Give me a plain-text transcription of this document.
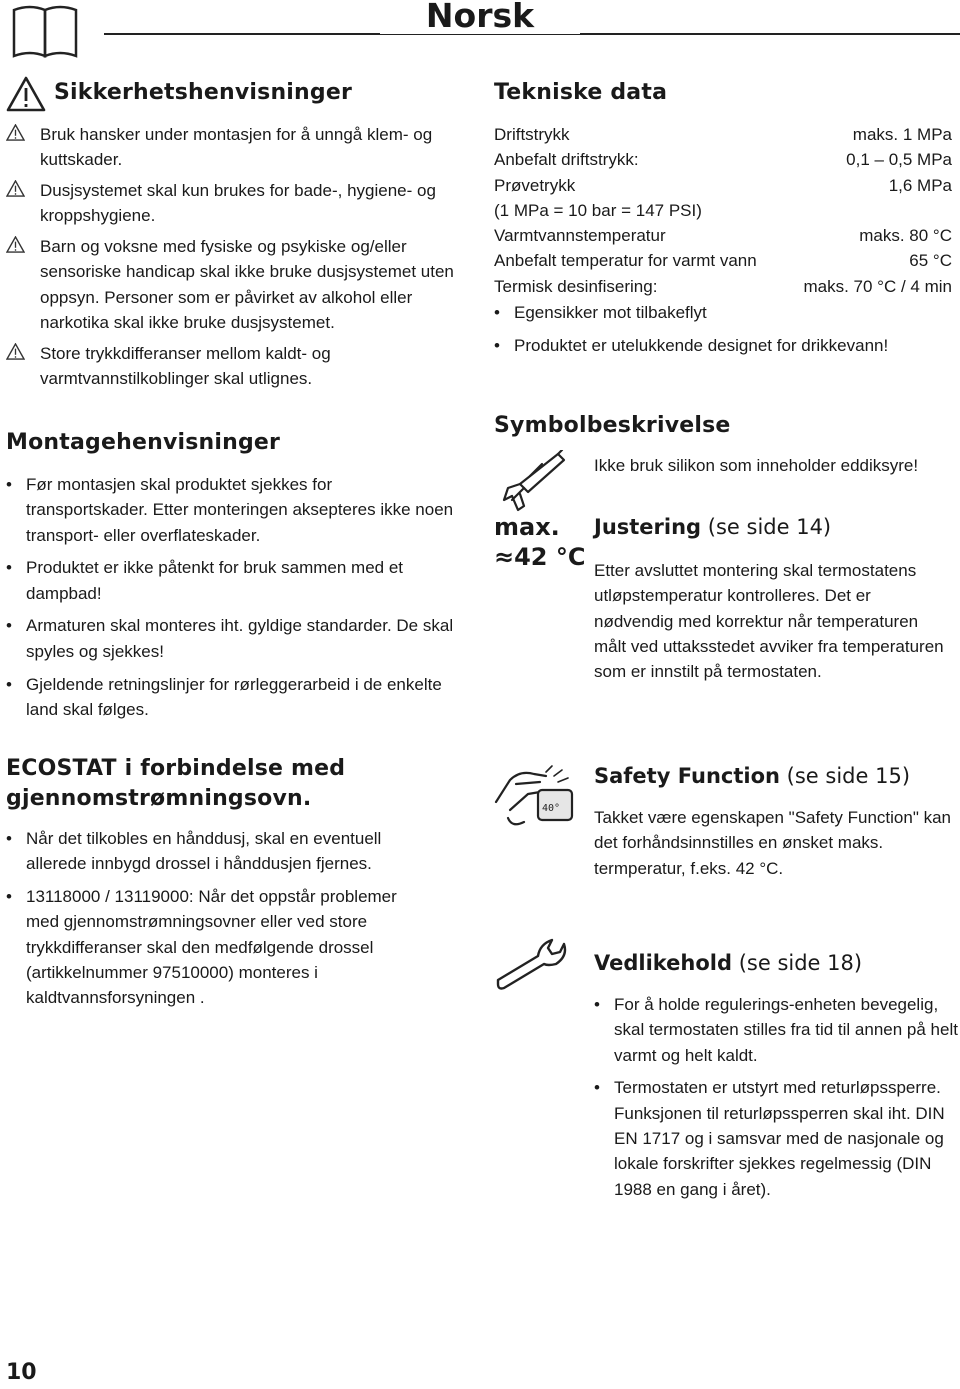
Norsk
Sikkerhetshenvisninger
Bruk hansker under montasjen for å unngå klem- og kuttskader.
Dusjsystemet skal kun brukes for bade-, hygiene- og kroppshygiene.
Barn og voksne med fysiske og psykiske og/eller sensoriske handicap skal ikke bruke dusjsystemet uten oppsyn. Personer som er påvirket av alkohol eller narkotika skal ikke bruke dusjsystemet.
Store trykkdifferanser mellom kaldt- og varmtvannstilkoblinger skal utlignes.
Montagehenvisninger
• Før montasjen skal produktet sjekkes for transportskader. Etter monteringen aksepteres ikke noen transport- eller overflateskader.
• Produktet er ikke påtenkt for bruk sammen med et dampbad!
• Armaturen skal monteres iht. gyldige standarder. De skal spyles og sjekkes!
• Gjeldende retningslinjer for rørleggerarbeid i de enkelte land skal følges.
ECOSTAT i forbindelse med
gjennomstrømningsovn.
• Når det tilkobles en hånddusj, skal en eventuell allerede innbygd drossel i hånddusjen fjernes.
• 13118000 / 13119000: Når det oppstår problemer med gjennomstrømningsovner eller ved store trykkdifferanser skal den medfølgende drossel (artikkelnummer 97510000) monteres i kaldtvannsforsyningen .
Tekniske data
Driftstrykk	maks. 1 MPa
Anbefalt driftstrykk:	0,1 – 0,5 MPa
Prøvetrykk	1,6 MPa
(1 MPa = 10 bar = 147 PSI)
Varmtvannstemperatur	maks. 80 °C
Anbefalt temperatur for varmt vann	65 °C
Termisk desinfisering:	maks. 70 °C / 4 min
• Egensikker mot tilbakeflyt
• Produktet er utelukkende designet for drikkevann!
Symbolbeskrivelse
Ikke bruk silikon som inneholder eddiksyre!
max.
≈42 °C
Justering (se side 14)
Etter avsluttet montering skal termostatens utløpstemperatur kontrolleres. Det er nødvendig med korrektur når temperaturen målt ved uttaksstedet avviker fra temperaturen som er innstilt på termostaten.
40°
Safety Function (se side 15)
Takket være egenskapen "Safety Function" kan det forhåndsinnstilles en ønsket maks. termperatur, f.eks. 42 °C.
Vedlikehold (se side 18)
• For å holde regulerings-enheten bevegelig, skal termostaten stilles fra tid til annen på helt varmt og helt kaldt.
• Termostaten er utstyrt med returløpssperre. Funksjonen til returløpssperren skal iht. DIN EN 1717 og i samsvar med de nasjonale og lokale forskrifter sjekkes regelmessig (DIN 1988 en gang i året).
10
